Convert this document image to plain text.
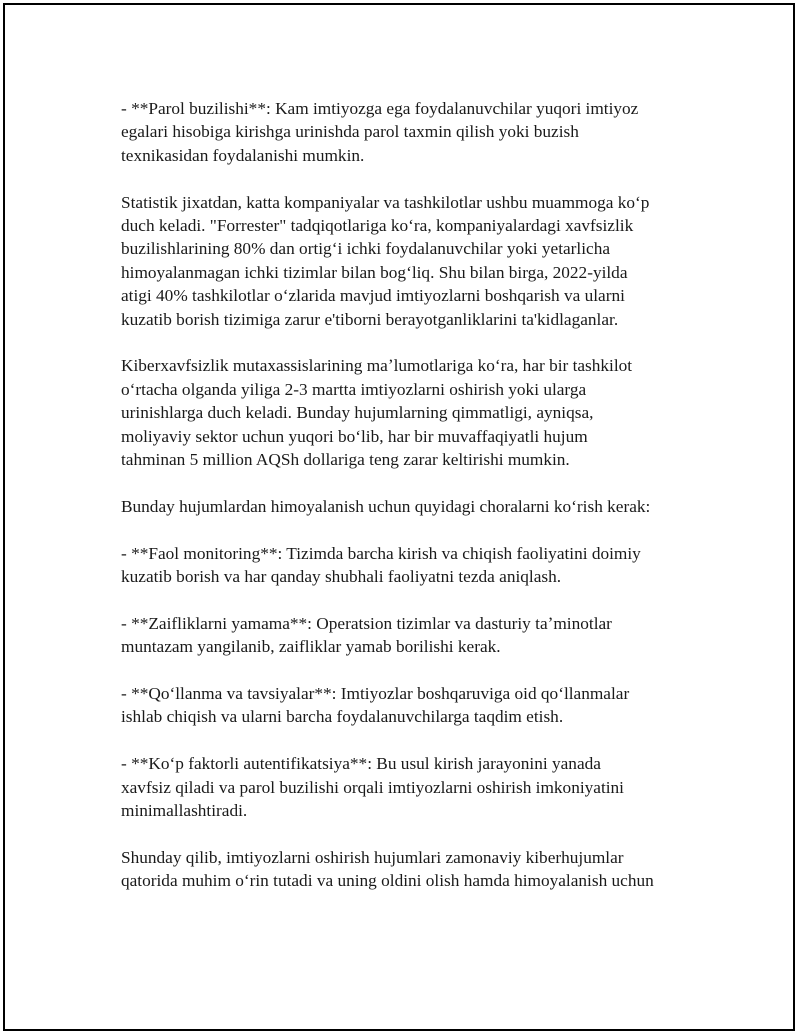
- **Parol buzilishi**: Kam imtiyozga ega foydalanuvchilar yuqori imtiyoz
egalari hisobiga kirishga urinishda parol taxmin qilish yoki buzish
texnikasidan foydalanishi mumkin.

Statistik jixatdan, katta kompaniyalar va tashkilotlar ushbu muammoga koʻp
duch keladi. "Forrester" tadqiqotlariga koʻra, kompaniyalardagi xavfsizlik
buzilishlarining 80% dan ortigʻi ichki foydalanuvchilar yoki yetarlicha
himoyalanmagan ichki tizimlar bilan bogʻliq. Shu bilan birga, 2022-yilda
atigi 40% tashkilotlar oʻzlarida mavjud imtiyozlarni boshqarish va ularni
kuzatib borish tizimiga zarur e'tiborni berayotganliklarini ta'kidlaganlar.

Kiberxavfsizlik mutaxassislarining maʼlumotlariga koʻra, har bir tashkilot
oʻrtacha olganda yiliga 2-3 martta imtiyozlarni oshirish yoki ularga
urinishlarga duch keladi. Bunday hujumlarning qimmatligi, ayniqsa,
moliyaviy sektor uchun yuqori boʻlib, har bir muvaffaqiyatli hujum
tahminan 5 million AQSh dollariga teng zarar keltirishi mumkin.

Bunday hujumlardan himoyalanish uchun quyidagi choralarni koʻrish kerak:

- **Faol monitoring**: Tizimda barcha kirish va chiqish faoliyatini doimiy
kuzatib borish va har qanday shubhali faoliyatni tezda aniqlash.

- **Zaifliklarni yamama**: Operatsion tizimlar va dasturiy taʼminotlar
muntazam yangilanib, zaifliklar yamab borilishi kerak.

- **Qoʻllanma va tavsiyalar**: Imtiyozlar boshqaruviga oid qoʻllanmalar
ishlab chiqish va ularni barcha foydalanuvchilarga taqdim etish.

- **Koʻp faktorli autentifikatsiya**: Bu usul kirish jarayonini yanada
xavfsiz qiladi va parol buzilishi orqali imtiyozlarni oshirish imkoniyatini
minimallashtiradi.

Shunday qilib, imtiyozlarni oshirish hujumlari zamonaviy kiberhujumlar
qatorida muhim oʻrin tutadi va uning oldini olish hamda himoyalanish uchun
